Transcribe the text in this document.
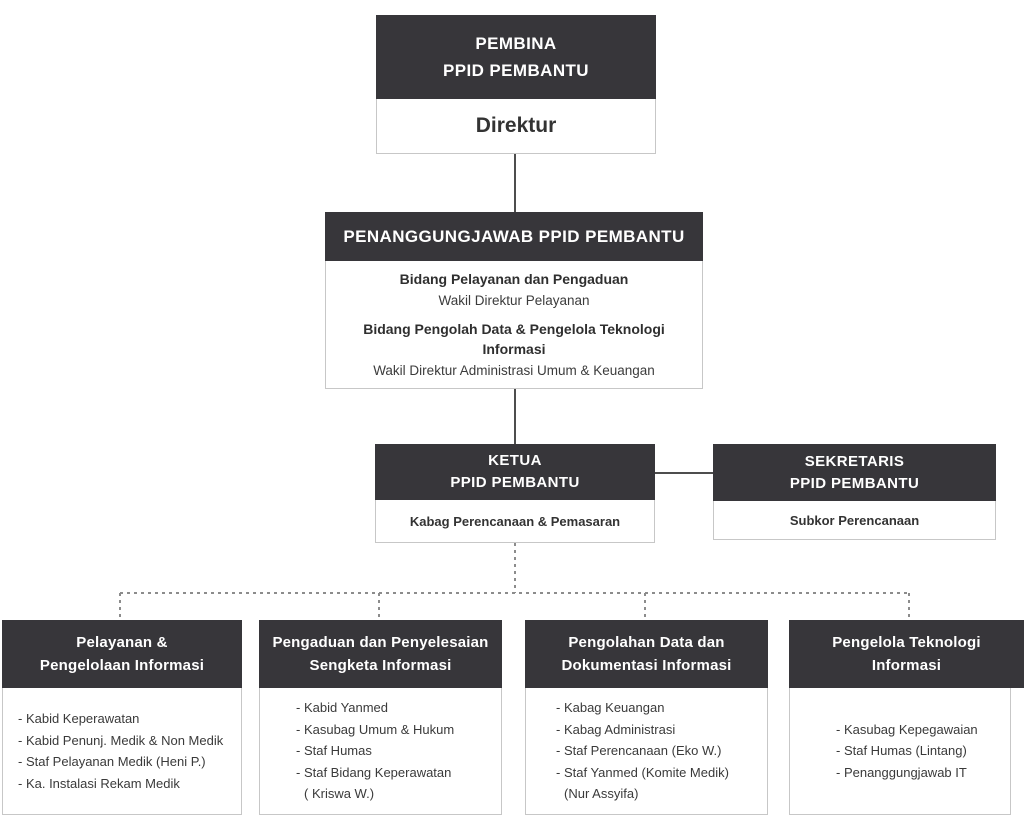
PEMBINA
PPID PEMBANTU
Direktur
PENANGGUNGJAWAB PPID PEMBANTU
Bidang Pelayanan dan Pengaduan
Wakil Direktur Pelayanan
Bidang Pengolah Data & Pengelola Teknologi Informasi
Wakil Direktur Administrasi Umum & Keuangan
KETUA
PPID PEMBANTU
Kabag Perencanaan & Pemasaran
SEKRETARIS
PPID PEMBANTU
Subkor Perencanaan
Pelayanan &
Pengelolaan Informasi
- Kabid Keperawatan
- Kabid Penunj. Medik & Non Medik
- Staf Pelayanan Medik (Heni P.)
- Ka. Instalasi Rekam Medik
Pengaduan dan Penyelesaian
Sengketa Informasi
- Kabid Yanmed
- Kasubag Umum & Hukum
- Staf Humas
- Staf Bidang Keperawatan
( Kriswa W.)
Pengolahan Data dan
Dokumentasi Informasi
- Kabag Keuangan
- Kabag Administrasi
- Staf Perencanaan (Eko W.)
- Staf Yanmed (Komite Medik)
(Nur Assyifa)
Pengelola Teknologi
Informasi
- Kasubag Kepegawaian
- Staf Humas (Lintang)
- Penanggungjawab IT
